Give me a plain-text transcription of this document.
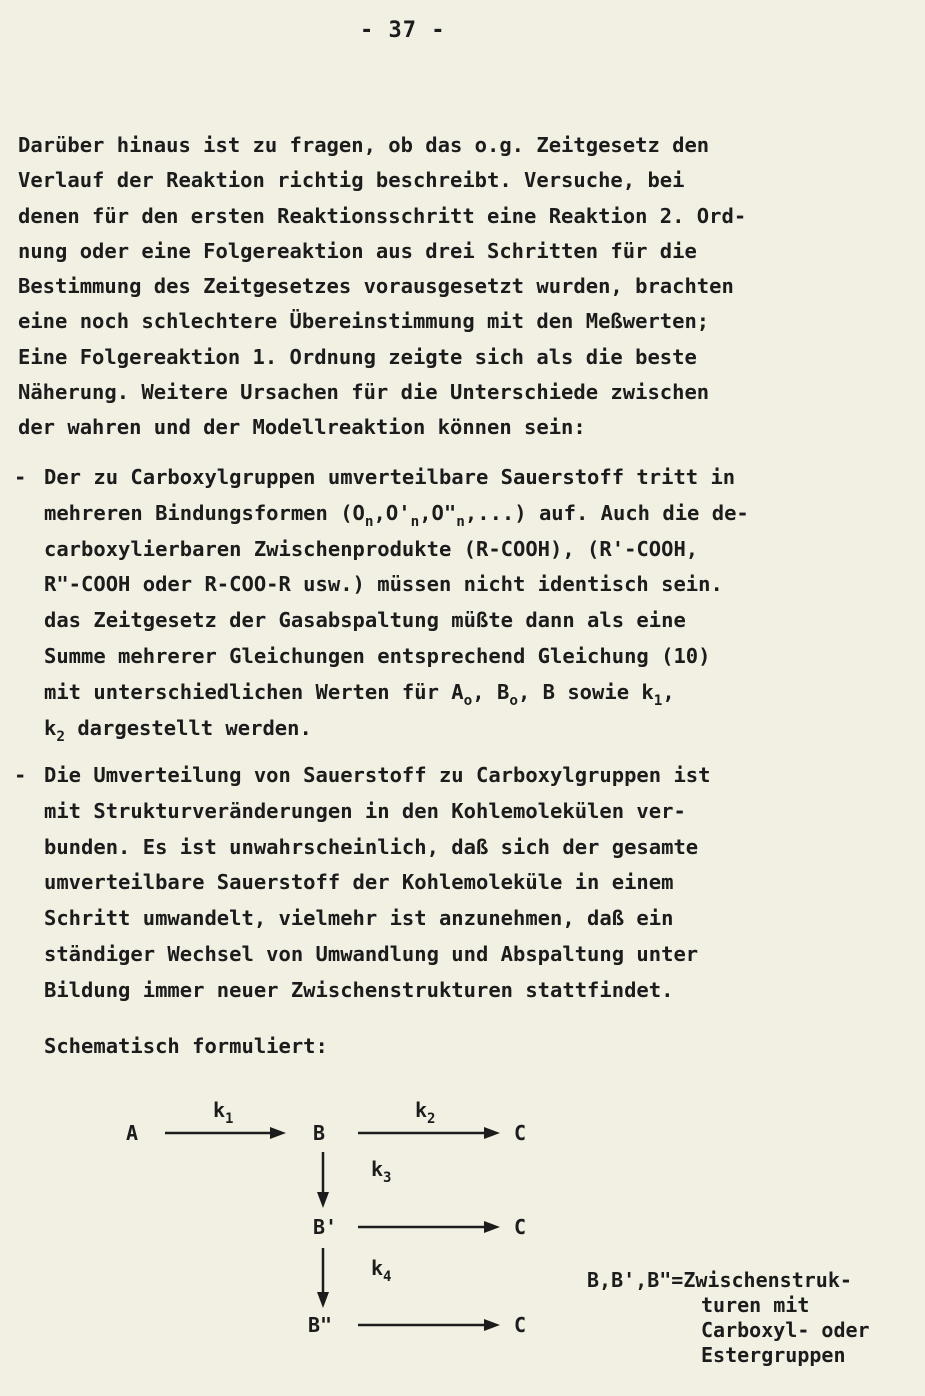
- 37 -
Darüber hinaus ist zu fragen, ob das o.g. Zeitgesetz den
Verlauf der Reaktion richtig beschreibt. Versuche, bei
denen für den ersten Reaktionsschritt eine Reaktion 2. Ord-
nung oder eine Folgereaktion aus drei Schritten für die
Bestimmung des Zeitgesetzes vorausgesetzt wurden, brachten
eine noch schlechtere Übereinstimmung mit den Meßwerten;
Eine Folgereaktion 1. Ordnung zeigte sich als die beste
Näherung. Weitere Ursachen für die Unterschiede zwischen
der wahren und der Modellreaktion können sein:
- Der zu Carboxylgruppen umverteilbare Sauerstoff tritt in
mehreren Bindungsformen $(O_n,O'_n,O"_n,...)$ auf. Auch die de-
carboxylierbaren Zwischenprodukte (R-COOH), (R'-COOH,
R"-COOH oder R-COO-R usw.) müssen nicht identisch sein.
das Zeitgesetz der Gasabspaltung müßte dann als eine
Summe mehrerer Gleichungen entsprechend Gleichung (10)
mit unterschiedlichen Werten für $A_o$, $B_o$, B sowie $k_1$,
$k_2$ dargestellt werden.
- Die Umverteilung von Sauerstoff zu Carboxylgruppen ist
mit Strukturveränderungen in den Kohlemolekülen ver-
bunden. Es ist unwahrscheinlich, daß sich der gesamte
umverteilbare Sauerstoff der Kohlemoleküle in einem
Schritt umwandelt, vielmehr ist anzunehmen, daß ein
ständiger Wechsel von Umwandlung und Abspaltung unter
Bildung immer neuer Zwischenstrukturen stattfindet.
Schematisch formuliert:
A	B	C
B'	C
B"	C
$k_1$	$k_2$
$k_3$
$k_4$	B,B',B"=Zwischenstruk-
turen mit
Carboxyl- oder
Estergruppen
